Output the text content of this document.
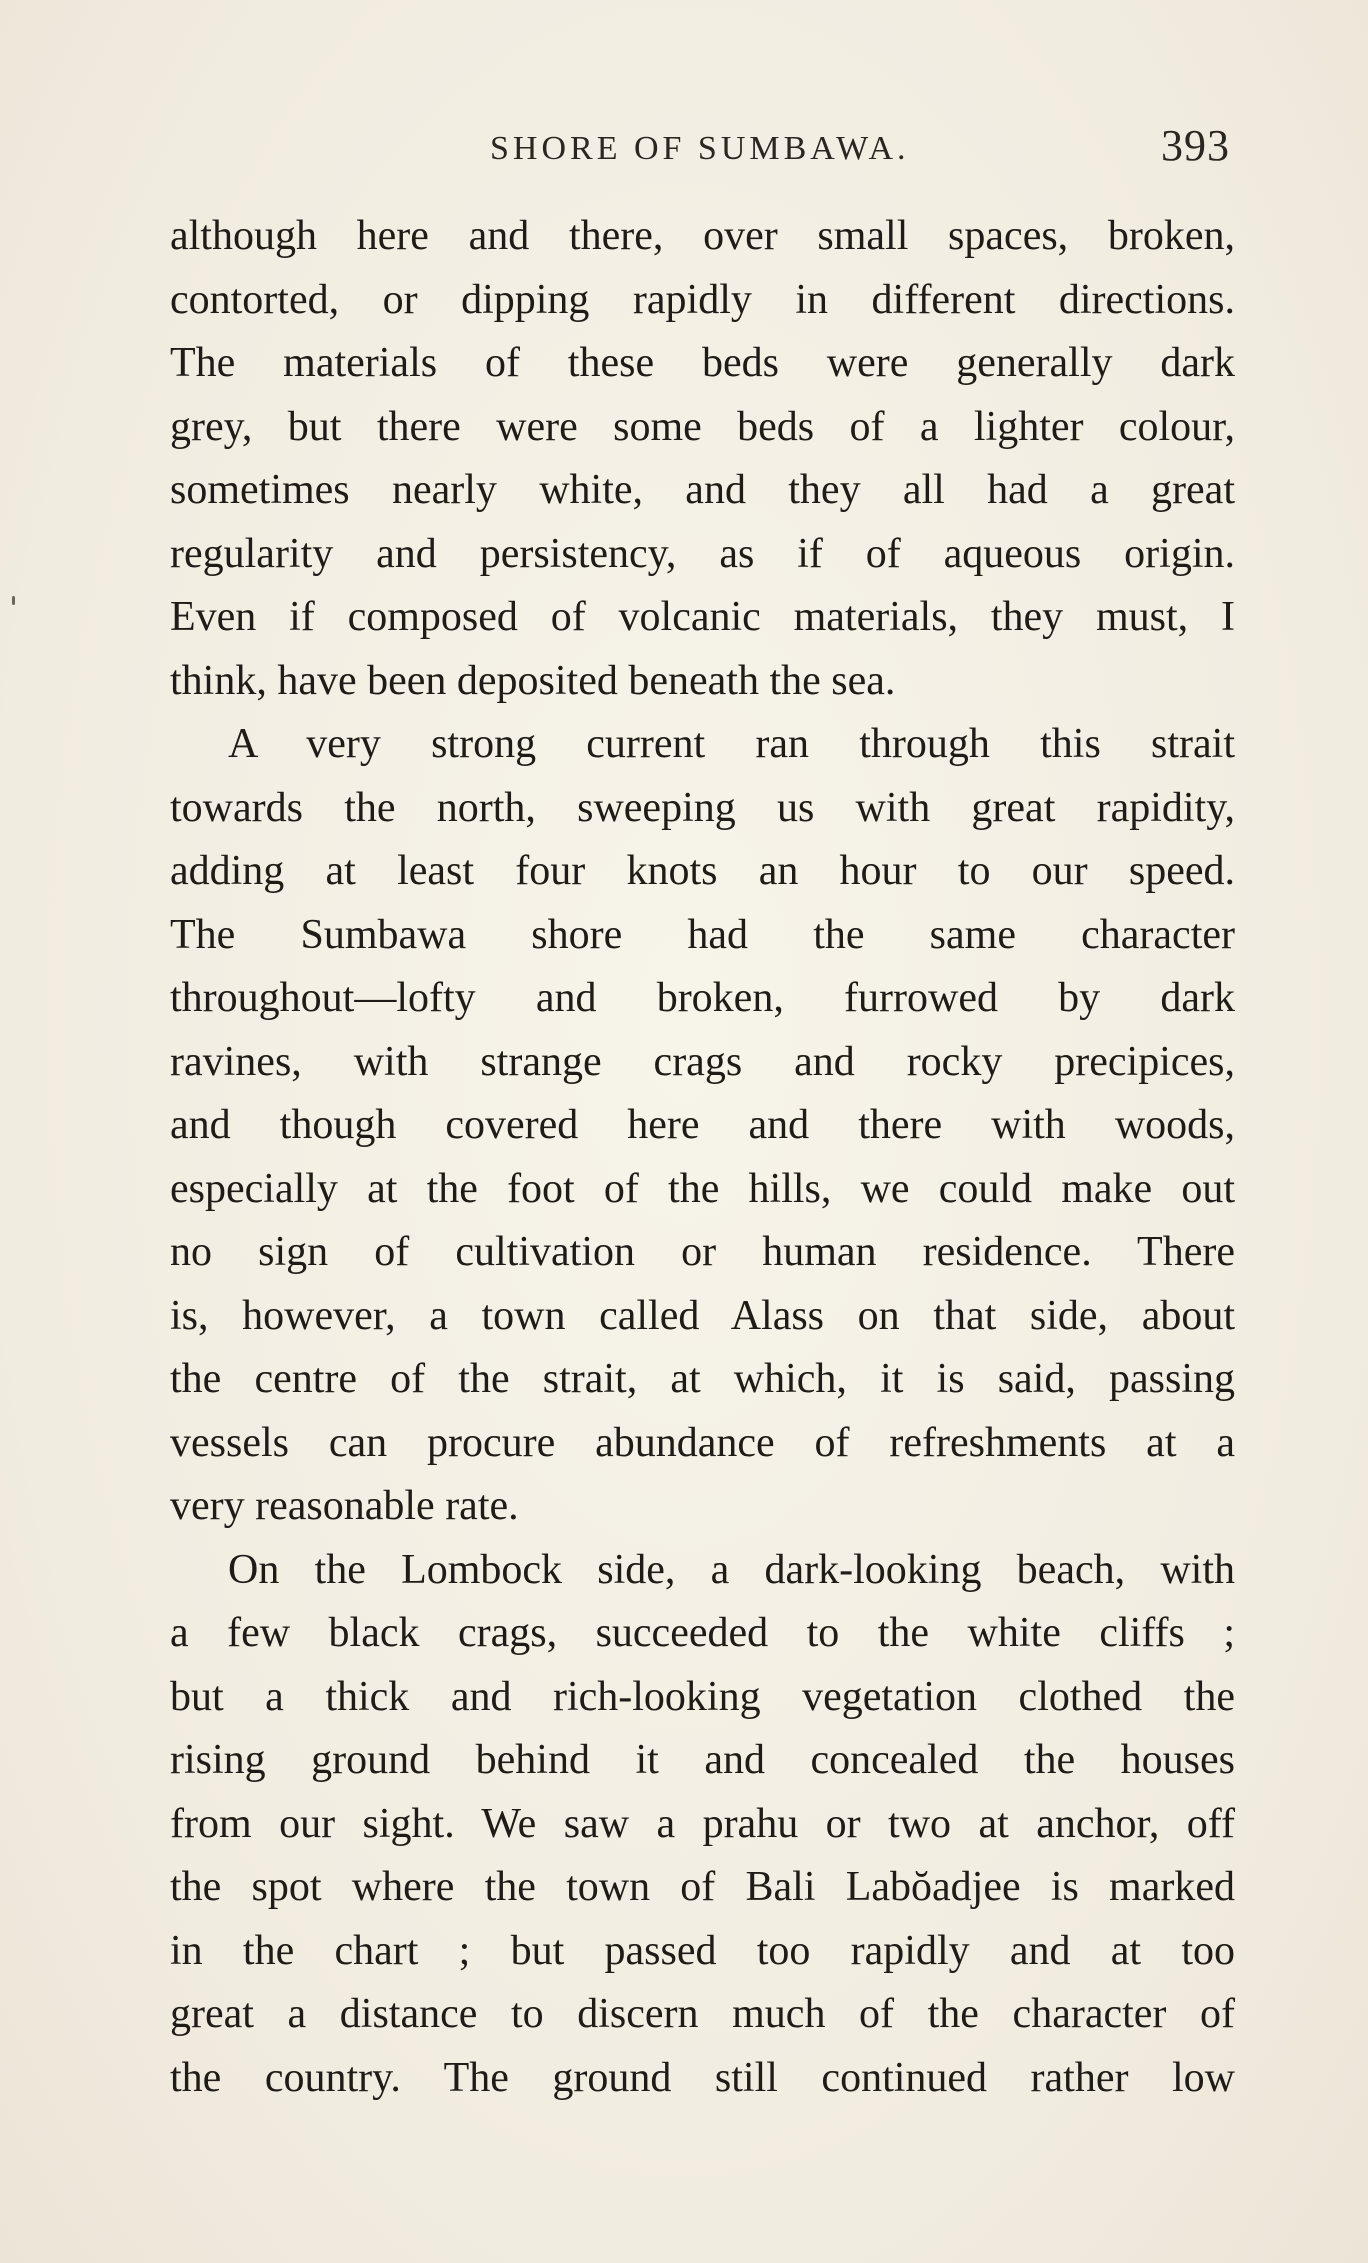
SHORE OF SUMBAWA.	393
although here and there, over small spaces, broken,
contorted, or dipping rapidly in different directions.
The materials of these beds were generally dark
grey, but there were some beds of a lighter colour,
sometimes nearly white, and they all had a great
regularity and persistency, as if of aqueous origin.
Even if composed of volcanic materials, they must, I
think, have been deposited beneath the sea.
A very strong current ran through this strait
towards the north, sweeping us with great rapidity,
adding at least four knots an hour to our speed.
The Sumbawa shore had the same character
throughout—lofty and broken, furrowed by dark
ravines, with strange crags and rocky precipices,
and though covered here and there with woods,
especially at the foot of the hills, we could make out
no sign of cultivation or human residence. There
is, however, a town called Alass on that side, about
the centre of the strait, at which, it is said, passing
vessels can procure abundance of refreshments at a
very reasonable rate.
On the Lombock side, a dark-looking beach, with
a few black crags, succeeded to the white cliffs ;
but a thick and rich-looking vegetation clothed the
rising ground behind it and concealed the houses
from our sight. We saw a prahu or two at anchor, off
the spot where the town of Bali Labŏadjee is marked
in the chart ; but passed too rapidly and at too
great a distance to discern much of the character of
the country. The ground still continued rather low
